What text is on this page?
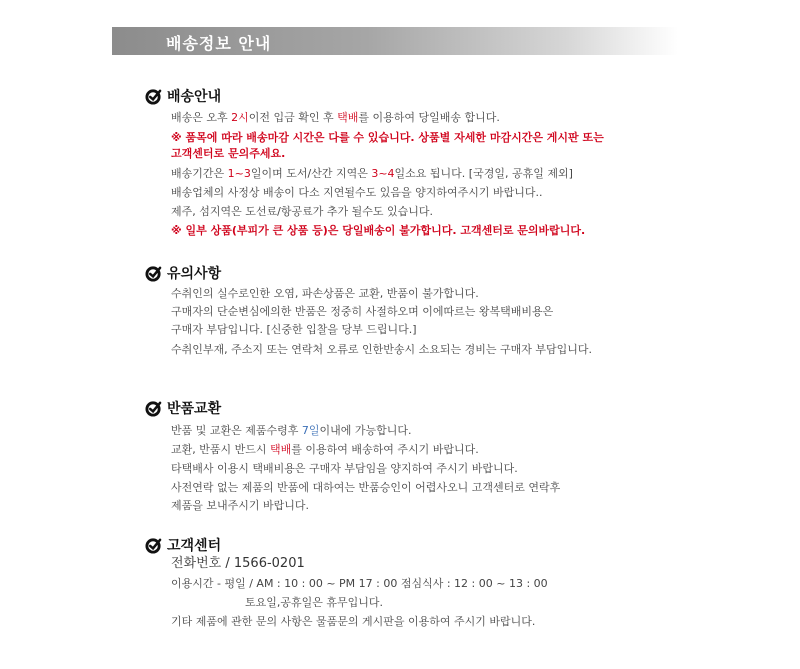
배송정보 안내
배송안내
배송은 오후 2시이전 입금 확인 후 택배를 이용하여 당일배송 합니다.
※ 품목에 따라 배송마감 시간은 다를 수 있습니다. 상품별 자세한 마감시간은 게시판 또는
고객센터로 문의주세요.
배송기간은 1~3일이며 도서/산간 지역은 3~4일소요 됩니다. [국경일, 공휴일 제외]
배송업체의 사정상 배송이 다소 지연될수도 있음을 양지하여주시기 바랍니다..
제주, 섬지역은 도선료/항공료가 추가 될수도 있습니다.
※ 일부 상품(부피가 큰 상품 등)은 당일배송이 불가합니다. 고객센터로 문의바랍니다.
유의사항
수취인의 실수로인한 오염, 파손상품은 교환, 반품이 불가합니다.
구매자의 단순변심에의한 반품은 정중히 사절하오며 이에따르는 왕복택배비용은
구매자 부담입니다. [신중한 입찰을 당부 드립니다.]
수취인부재, 주소지 또는 연락처 오류로 인한반송시 소요되는 경비는 구매자 부담입니다.
반품교환
반품 및 교환은 제품수령후 7일이내에 가능합니다.
교환, 반품시 반드시 택배를 이용하여 배송하여 주시기 바랍니다.
타택배사 이용시 택배비용은 구매자 부담임을 양지하여 주시기 바랍니다.
사전연락 없는 제품의 반품에 대하여는 반품승인이 어렵사오니 고객센터로 연락후
제품을 보내주시기 바랍니다.
고객센터
전화번호 / 1566-0201
이용시간 - 평일 / AM : 10 : 00 ~ PM 17 : 00 점심식사 : 12 : 00 ~ 13 : 00
토요일,공휴일은 휴무입니다.
기타 제품에 관한 문의 사항은 물품문의 게시판을 이용하여 주시기 바랍니다.
